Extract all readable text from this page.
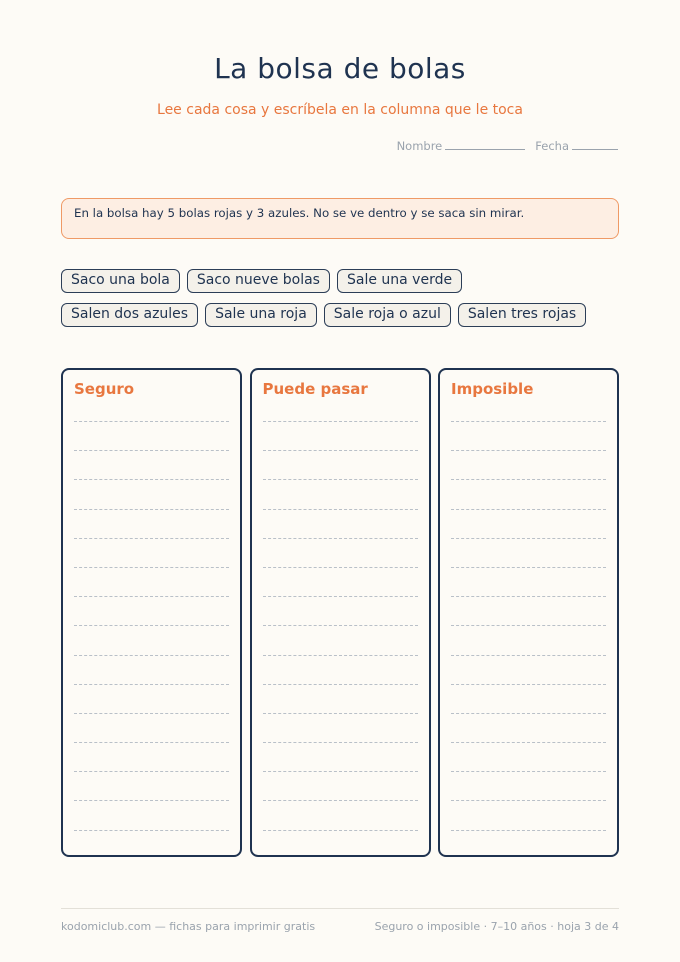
La bolsa de bolas
Lee cada cosa y escríbela en la columna que le toca
Nombre	Fecha
En la bolsa hay 5 bolas rojas y 3 azules. No se ve dentro y se saca sin mirar.
Saco una bola	Saco nueve bolas	Sale una verde
Salen dos azules	Sale una roja	Sale roja o azul	Salen tres rojas
Seguro	Puede pasar	Imposible
kodomiclub.com — fichas para imprimir gratis	Seguro o imposible · 7–10 años · hoja 3 de 4
